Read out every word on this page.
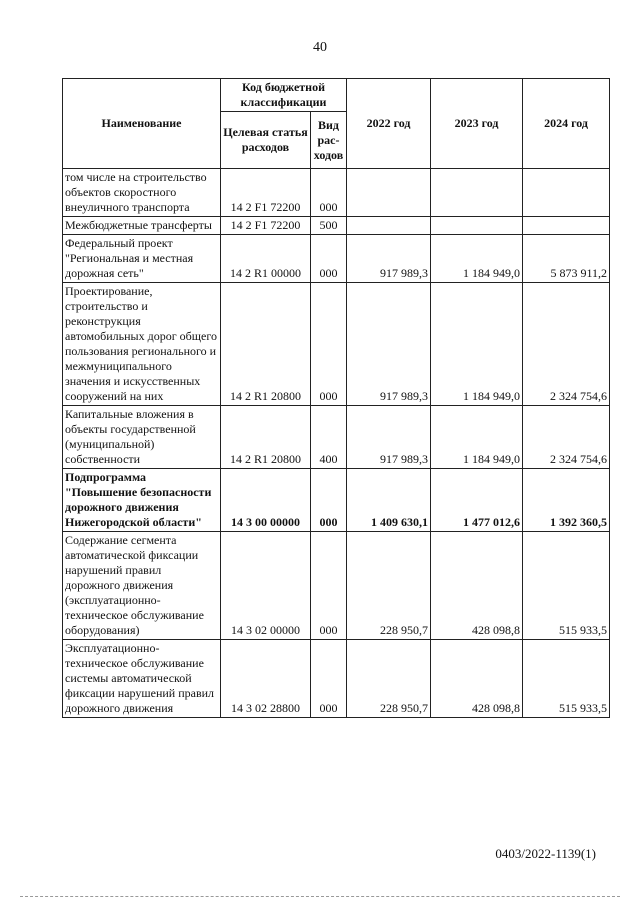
40
Наименование	Код бюджетной классификации		2022 год	2023 год	2024 год
	Целевая статья расходов	Вид рас- ходов			
том числе на строительство объектов скоростного внеуличного транспорта	14 2 F1 72200	000			
Межбюджетные трансферты	14 2 F1 72200	500			
Федеральный проект "Региональная и местная дорожная сеть"	14 2 R1 00000	000	917 989,3	1 184 949,0	5 873 911,2
Проектирование, строительство и реконструкция автомобильных дорог общего пользования регионального и межмуниципального значения и искусственных сооружений на них	14 2 R1 20800	000	917 989,3	1 184 949,0	2 324 754,6
Капитальные вложения в объекты государственной (муниципальной) собственности	14 2 R1 20800	400	917 989,3	1 184 949,0	2 324 754,6
Подпрограмма "Повышение безопасности дорожного движения Нижегородской области"	14 3 00 00000	000	1 409 630,1	1 477 012,6	1 392 360,5
Содержание сегмента автоматической фиксации нарушений правил дорожного движения (эксплуатационно-техническое обслуживание оборудования)	14 3 02 00000	000	228 950,7	428 098,8	515 933,5
Эксплуатационно-техническое обслуживание системы автоматической фиксации нарушений правил дорожного движения	14 3 02 28800	000	228 950,7	428 098,8	515 933,5
0403/2022-1139(1)
